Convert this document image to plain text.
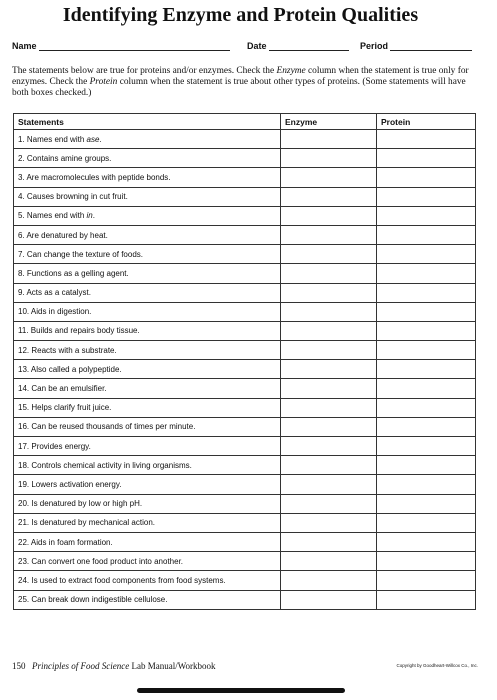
Identifying Enzyme and Protein Qualities
Name	Date	Period

The statements below are true for proteins and/or enzymes. Check the Enzyme column when the statement is true only for enzymes. Check the Protein column when the statement is true about other types of proteins. (Some statements will have both boxes checked.)

Statements	Enzyme	Protein
1. Names end with ase.		
2. Contains amine groups.		
3. Are macromolecules with peptide bonds.		
4. Causes browning in cut fruit.		
5. Names end with in.		
6. Are denatured by heat.		
7. Can change the texture of foods.		
8. Functions as a gelling agent.		
9. Acts as a catalyst.		
10. Aids in digestion.		
11. Builds and repairs body tissue.		
12. Reacts with a substrate.		
13. Also called a polypeptide.		
14. Can be an emulsifier.		
15. Helps clarify fruit juice.		
16. Can be reused thousands of times per minute.		
17. Provides energy.		
18. Controls chemical activity in living organisms.		
19. Lowers activation energy.		
20. Is denatured by low or high pH.		
21. Is denatured by mechanical action.		
22. Aids in foam formation.		
23. Can convert one food product into another.		
24. Is used to extract food components from food systems.		
25. Can break down indigestible cellulose.		
150 Principles of Food Science Lab Manual/Workbook	Copyright by Goodheart-Willcox Co., Inc.
